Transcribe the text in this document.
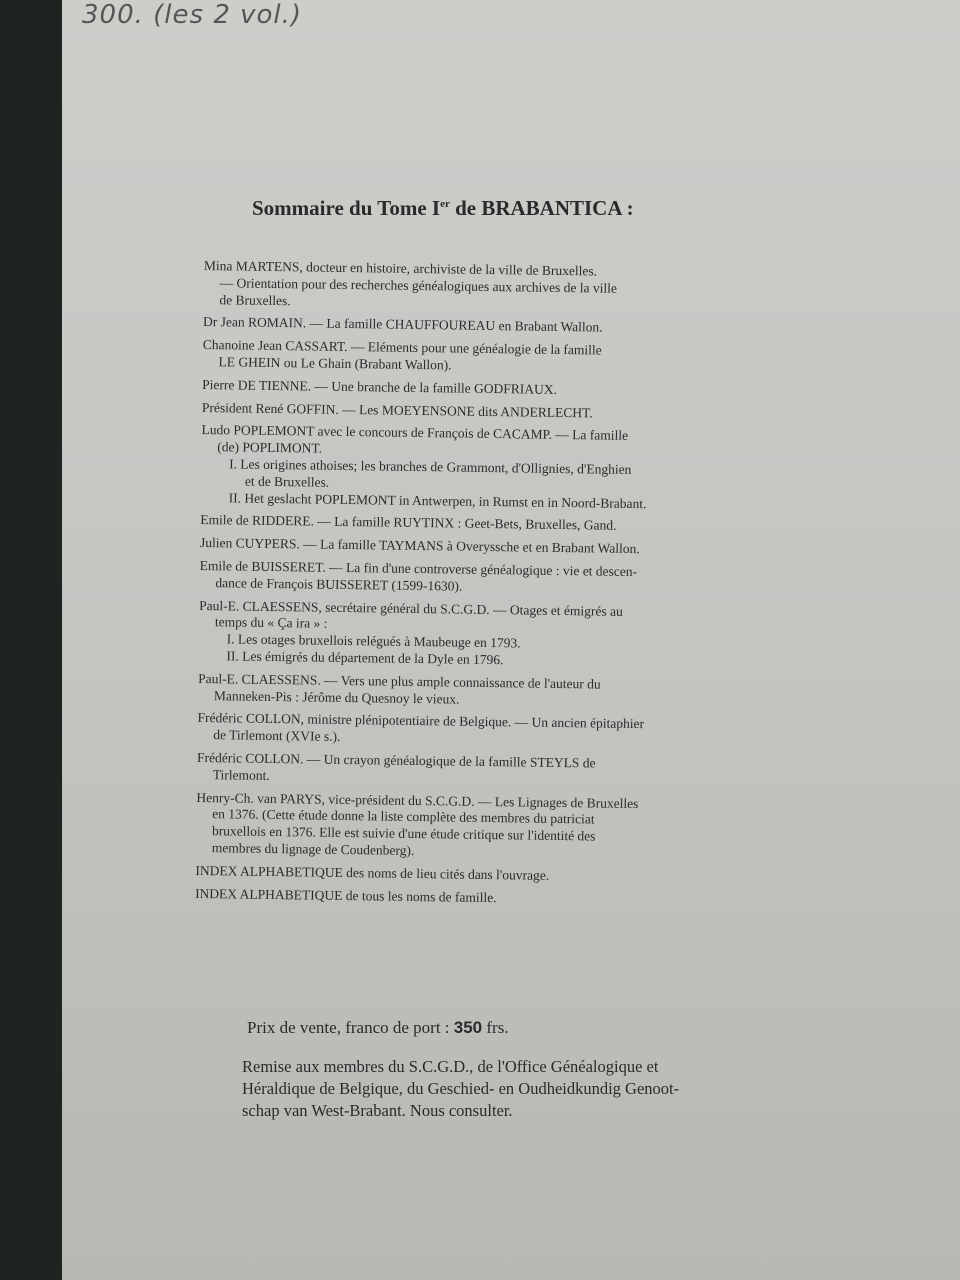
300. (les 2 vol.)
Sommaire du Tome Ier de BRABANTICA :
Mina MARTENS, docteur en histoire, archiviste de la ville de Bruxelles.
— Orientation pour des recherches généalogiques aux archives de la ville
de Bruxelles.
Dr Jean ROMAIN. — La famille CHAUFFOUREAU en Brabant Wallon.
Chanoine Jean CASSART. — Eléments pour une généalogie de la famille
LE GHEIN ou Le Ghain (Brabant Wallon).
Pierre DE TIENNE. — Une branche de la famille GODFRIAUX.
Président René GOFFIN. — Les MOEYENSONE dits ANDERLECHT.
Ludo POPLEMONT avec le concours de François de CACAMP. — La famille
(de) POPLIMONT.
I. Les origines athoises; les branches de Grammont, d'Ollignies, d'Enghien
et de Bruxelles.
II. Het geslacht POPLEMONT in Antwerpen, in Rumst en in Noord-Brabant.
Emile de RIDDERE. — La famille RUYTINX : Geet-Bets, Bruxelles, Gand.
Julien CUYPERS. — La famille TAYMANS à Overyssche et en Brabant Wallon.
Emile de BUISSERET. — La fin d'une controverse généalogique : vie et descen-
dance de François BUISSERET (1599-1630).
Paul-E. CLAESSENS, secrétaire général du S.C.G.D. — Otages et émigrés au
temps du « Ça ira » :
I. Les otages bruxellois relégués à Maubeuge en 1793.
II. Les émigrés du département de la Dyle en 1796.
Paul-E. CLAESSENS. — Vers une plus ample connaissance de l'auteur du
Manneken-Pis : Jérôme du Quesnoy le vieux.
Frédéric COLLON, ministre plénipotentiaire de Belgique. — Un ancien épitaphier
de Tirlemont (XVIe s.).
Frédéric COLLON. — Un crayon généalogique de la famille STEYLS de
Tirlemont.
Henry-Ch. van PARYS, vice-président du S.C.G.D. — Les Lignages de Bruxelles
en 1376. (Cette étude donne la liste complète des membres du patriciat
bruxellois en 1376. Elle est suivie d'une étude critique sur l'identité des
membres du lignage de Coudenberg).
INDEX ALPHABETIQUE des noms de lieu cités dans l'ouvrage.
INDEX ALPHABETIQUE de tous les noms de famille.
Prix de vente, franco de port : 350 frs.
Remise aux membres du S.C.G.D., de l'Office Généalogique et
Héraldique de Belgique, du Geschied- en Oudheidkundig Genoot-
schap van West-Brabant. Nous consulter.
